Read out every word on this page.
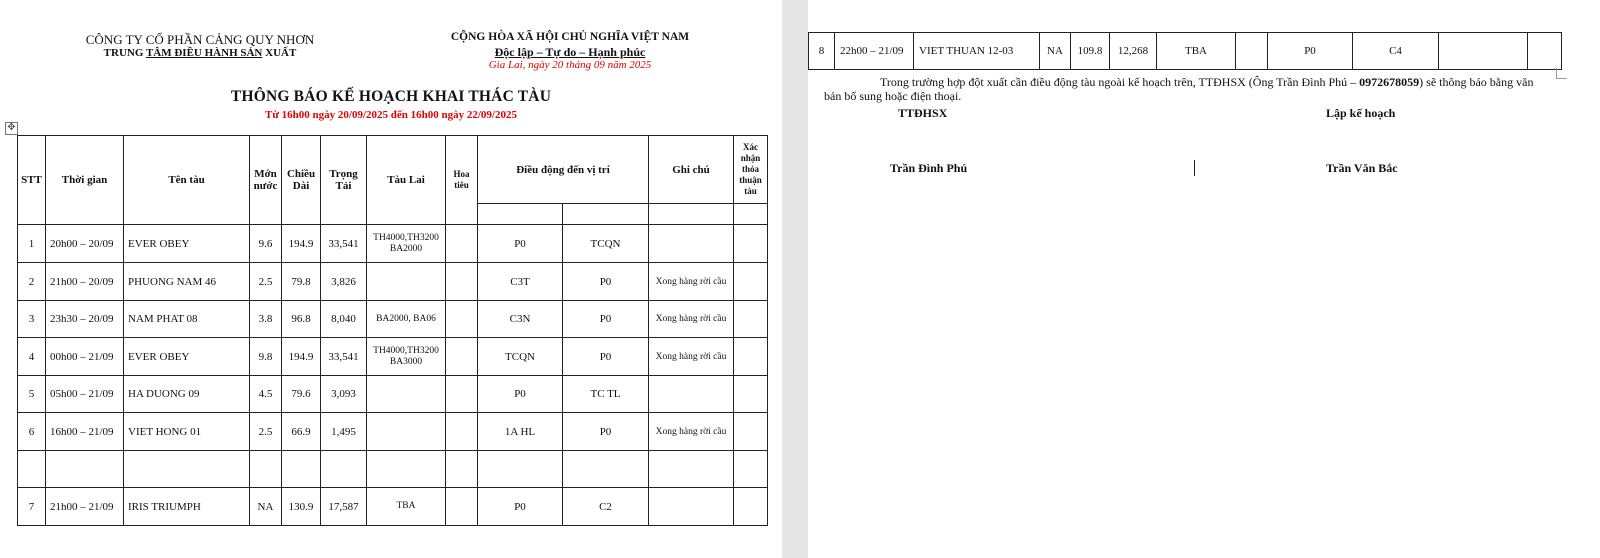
CÔNG TY CỔ PHẦN CẢNG QUY NHƠN
TRUNG TÂM ĐIỀU HÀNH SẢN XUẤT
CỘNG HÒA XÃ HỘI CHỦ NGHĨA VIỆT NAM
Độc lập – Tự do – Hạnh phúc
Gia Lai, ngày 20 tháng 09 năm 2025
THÔNG BÁO KẾ HOẠCH KHAI THÁC TÀU
Từ 16h00 ngày 20/09/2025 đến 16h00 ngày 22/09/2025
✥
STT	Thời gian	Tên tàu	Mớn nước	Chiều Dài	Trọng Tải	Tàu Lai	Hoa tiêu	Điều động đến vị trí		Ghi chú	Xác nhận thỏa thuận tàu

1	20h00 – 20/09	EVER OBEY	9.6	194.9	33,541	TH4000,TH3200 BA2000		P0	TCQN		
2	21h00 – 20/09	PHUONG NAM 46	2.5	79.8	3,826			C3T	P0	Xong hàng rời cầu	
3	23h30 – 20/09	NAM PHAT 08	3.8	96.8	8,040	BA2000, BA06		C3N	P0	Xong hàng rời cầu	
4	00h00 – 21/09	EVER OBEY	9.8	194.9	33,541	TH4000,TH3200 BA3000		TCQN	P0	Xong hàng rời cầu	
5	05h00 – 21/09	HA DUONG 09	4.5	79.6	3,093			P0	TC TL		
6	16h00 – 21/09	VIET HONG 01	2.5	66.9	1,495			1A HL	P0	Xong hàng rời cầu	

7	21h00 – 21/09	IRIS TRIUMPH	NA	130.9	17,587	TBA		P0	C2		
8	22h00 – 21/09	VIET THUAN 12-03	NA	109.8	12,268	TBA		P0	C4		
Trong trường hợp đột xuất cần điều động tàu ngoài kế hoạch trên, TTĐHSX (Ông Trần Đình Phú – 0972678059) sẽ thông báo bằng văn bản bổ sung hoặc điện thoại.
TTĐHSX	Lập kế hoạch
Trần Đình Phú	Trần Văn Bắc
